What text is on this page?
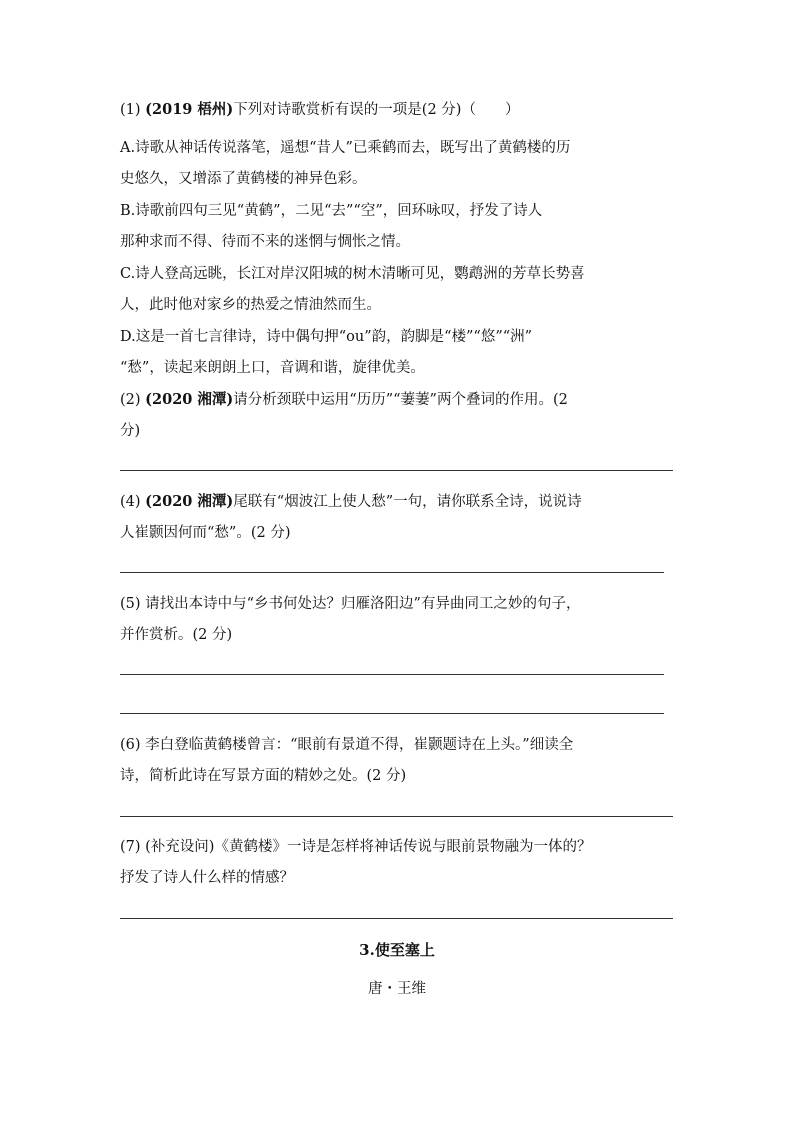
(1) (2019 梧州)下列对诗歌赏析有误的一项是(2 分)（　　）
A.诗歌从神话传说落笔，遥想“昔人”已乘鹤而去，既写出了黄鹤楼的历
史悠久，又增添了黄鹤楼的神异色彩。
B.诗歌前四句三见“黄鹤”，二见“去”“空”，回环咏叹，抒发了诗人
那种求而不得、待而不来的迷惘与惆怅之情。
C.诗人登高远眺，长江对岸汉阳城的树木清晰可见，鹦鹉洲的芳草长势喜
人，此时他对家乡的热爱之情油然而生。
D.这是一首七言律诗，诗中偶句押“ou”韵，韵脚是“楼”“悠”“洲”
“愁”，读起来朗朗上口，音调和谐，旋律优美。
(2) (2020 湘潭)请分析颈联中运用“历历”“萋萋”两个叠词的作用。(2
分)
(4) (2020 湘潭)尾联有“烟波江上使人愁”一句，请你联系全诗，说说诗
人崔颢因何而“愁”。(2 分)
(5) 请找出本诗中与“乡书何处达？归雁洛阳边”有异曲同工之妙的句子，
并作赏析。(2 分)
(6) 李白登临黄鹤楼曾言：“眼前有景道不得，崔颢题诗在上头。”细读全
诗，简析此诗在写景方面的精妙之处。(2 分)
(7) (补充设问)《黄鹤楼》一诗是怎样将神话传说与眼前景物融为一体的？
抒发了诗人什么样的情感？
3.使至塞上
唐・王维
